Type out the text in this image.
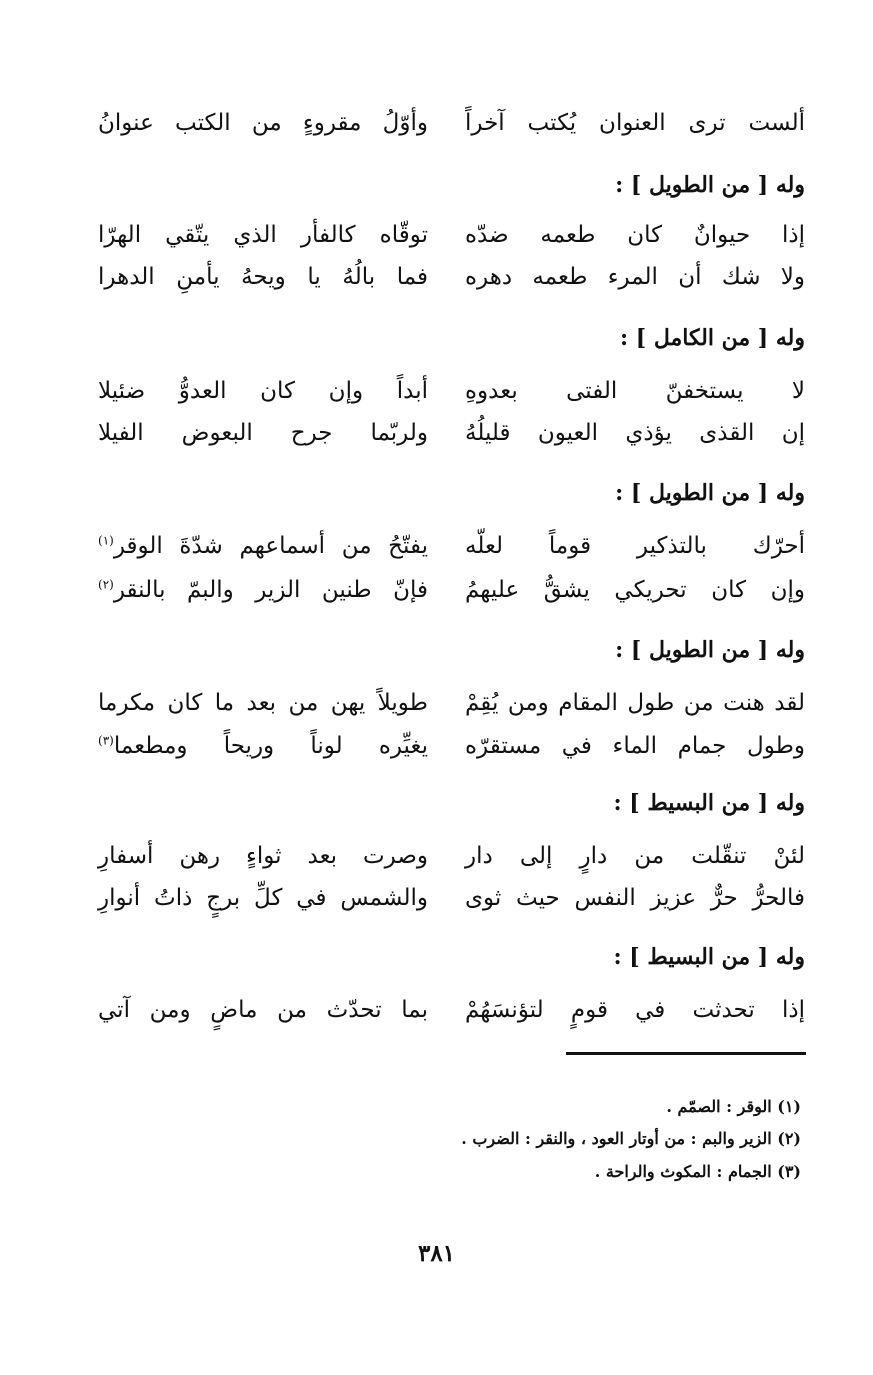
ألست ترى العنوان يُكتب آخراً
وأوّلُ مقروءٍ من الكتب عنوانُ
وله [ من الطويل ] :
إذا حيوانٌ كان طعمه ضدّه
توقّاه كالفأر الذي يتّقي الهرّا
ولا شك أن المرء طعمه دهره
فما بالُهُ يا ويحهُ يأمنِ الدهرا
وله [ من الكامل ] :
لا يستخفنّ الفتى بعدوهِ
أبداً وإن كان العدوُّ ضئيلا
إن القذى يؤذي العيون قليلُهُ
ولربّما جرح البعوض الفيلا
وله [ من الطويل ] :
أحرّك بالتذكير قوماً لعلّه
يفتّحُ من أسماعهم شدّةَ الوقر$^{(١)}$
وإن كان تحريكي يشقُّ عليهمُ
فإنّ طنين الزير والبمّ بالنقر$^{(٢)}$
وله [ من الطويل ] :
لقد هنت من طول المقام ومن يُقِمْ
طويلاً يهن من بعد ما كان مكرما
وطول جمام الماء في مستقرّه
يغيِّره لوناً وريحاً ومطعما$^{(٣)}$
وله [ من البسيط ] :
لئنْ تنقّلت من دارٍ إلى دار
وصرت بعد ثواءٍ رهن أسفارِ
فالحرُّ حرٌّ عزيز النفس حيث ثوى
والشمس في كلِّ برجٍ ذاتُ أنوارِ
وله [ من البسيط ] :
إذا تحدثت في قومٍ لتؤنسَهُمْ
بما تحدّث من ماضٍ ومن آتي
(١) الوقر : الصمّم .
(٢) الزير والبم : من أوتار العود ، والنقر : الضرب .
(٣) الجمام : المكوث والراحة .
٣٨١
